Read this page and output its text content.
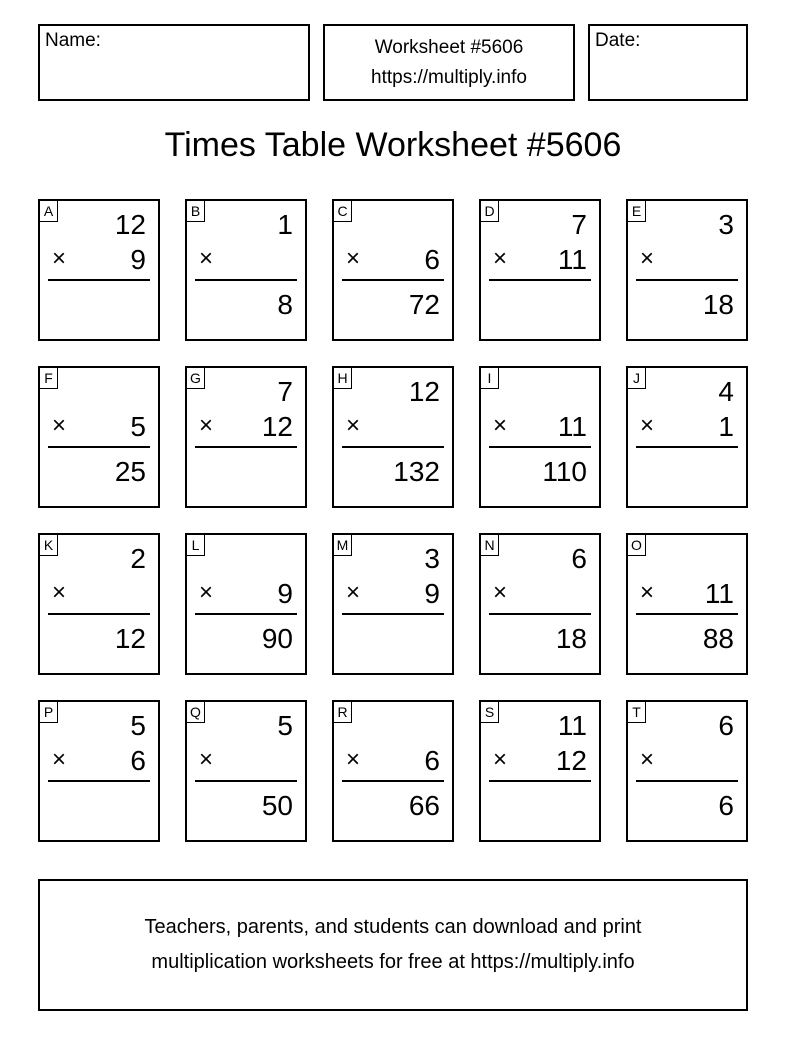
Name:	Worksheet #5606
https://multiply.info
Date:
Times Table Worksheet #5606
A 12
× 9
B	1
×
8
C
× 6
72
D	7
× 11
E	3
×
18
F
× 5
25
G	7
× 12
H 12
×
132
I
× 11
110
J	4
× 1
K	2
×
12
L
× 9
90
M	3
× 9
N	6
×
18
O
× 11
88
P	5
× 6
Q	5
×
50
R
× 6
66
S 11
× 12
T	6
×
6
Teachers, parents, and students can download and print
multiplication worksheets for free at https://multiply.info
